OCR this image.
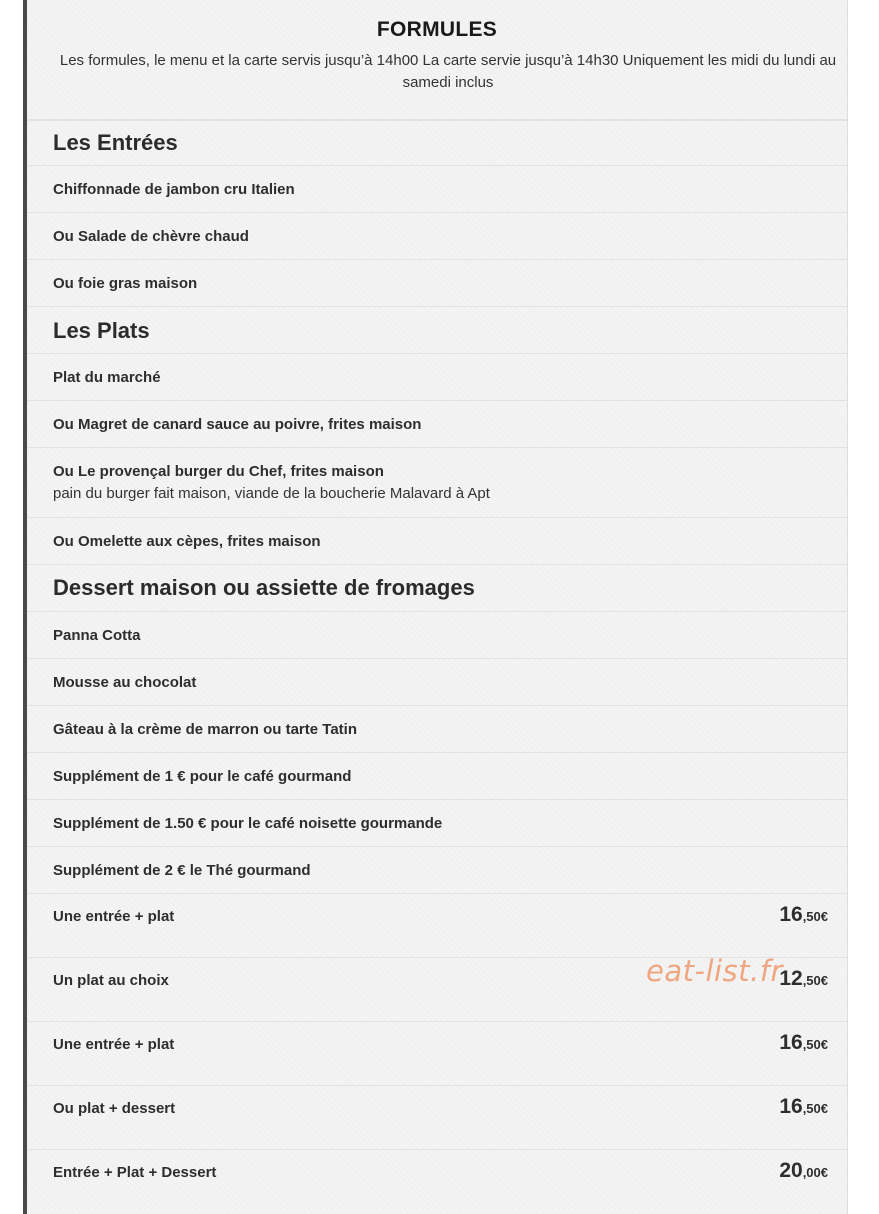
FORMULES
Les formules, le menu et la carte servis jusqu’à 14h00 La carte servie jusqu’à 14h30 Uniquement les midi du lundi au samedi inclus
Les Entrées
Chiffonnade de jambon cru Italien
Ou Salade de chèvre chaud
Ou foie gras maison
Les Plats
Plat du marché
Ou Magret de canard sauce au poivre, frites maison
Ou Le provençal burger du Chef, frites maison
pain du burger fait maison, viande de la boucherie Malavard à Apt
Ou Omelette aux cèpes, frites maison
Dessert maison ou assiette de fromages
Panna Cotta
Mousse au chocolat
Gâteau à la crème de marron ou tarte Tatin
Supplément de 1 € pour le café gourmand
Supplément de 1.50 € pour le café noisette gourmande
Supplément de 2 € le Thé gourmand
Une entrée + plat	16,50€
Un plat au choix	12,50€
Une entrée + plat	16,50€
Ou plat + dessert	16,50€
Entrée + Plat + Dessert	20,00€
eat-list.fr
